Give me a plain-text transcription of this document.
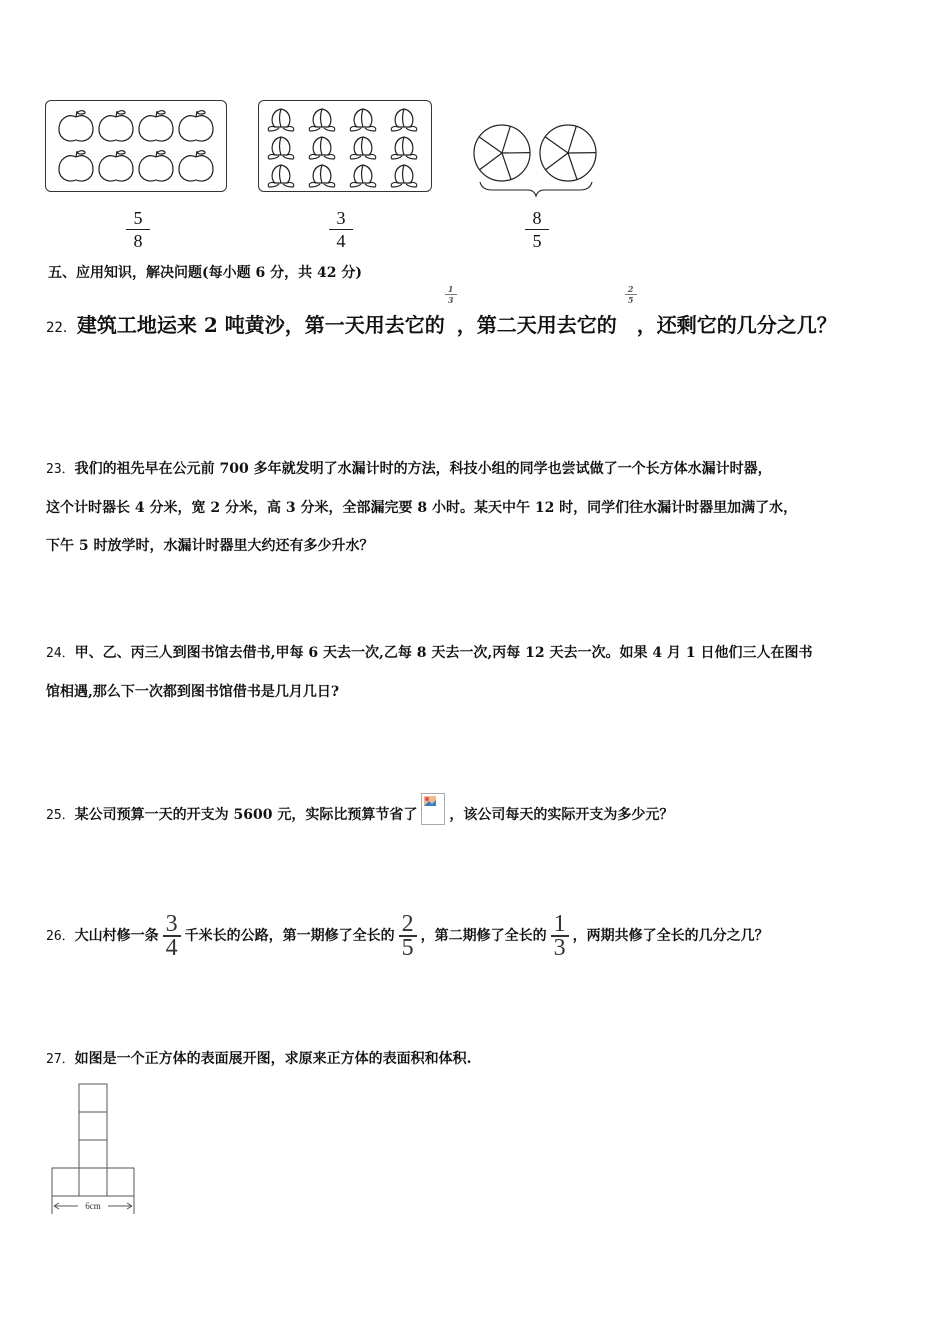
5
8
3
4
8
5
五、应用知识，解决问题(每小题 6 分，共 42 分)
22．建筑工地运来 2 吨黄沙，第一天用去它的$\frac{1}{3}$，第二天用去它的$\frac{2}{5}$，还剩它的几分之几？
23．我们的祖先早在公元前 700 多年就发明了水漏计时的方法，科技小组的同学也尝试做了一个长方体水漏计时器，
这个计时器长 4 分米，宽 2 分米，高 3 分米，全部漏完要 8 小时。某天中午 12 时，同学们往水漏计时器里加满了水，
下午 5 时放学时，水漏计时器里大约还有多少升水？
24．甲、乙、丙三人到图书馆去借书,甲每 6 天去一次,乙每 8 天去一次,丙每 12 天去一次。如果 4 月 1 日他们三人在图书
馆相遇,那么下一次都到图书馆借书是几月几日?
25．某公司预算一天的开支为 5600 元，实际比预算节省了 ，该公司每天的实际开支为多少元？
26．大山村修一条$\frac{3}{4}$ 千米长的公路，第一期修了全长的$\frac{2}{5}$ ，第二期修了全长的$\frac{1}{3}$ ，两期共修了全长的几分之几？
27．如图是一个正方体的表面展开图，求原来正方体的表面积和体积.
6cm
